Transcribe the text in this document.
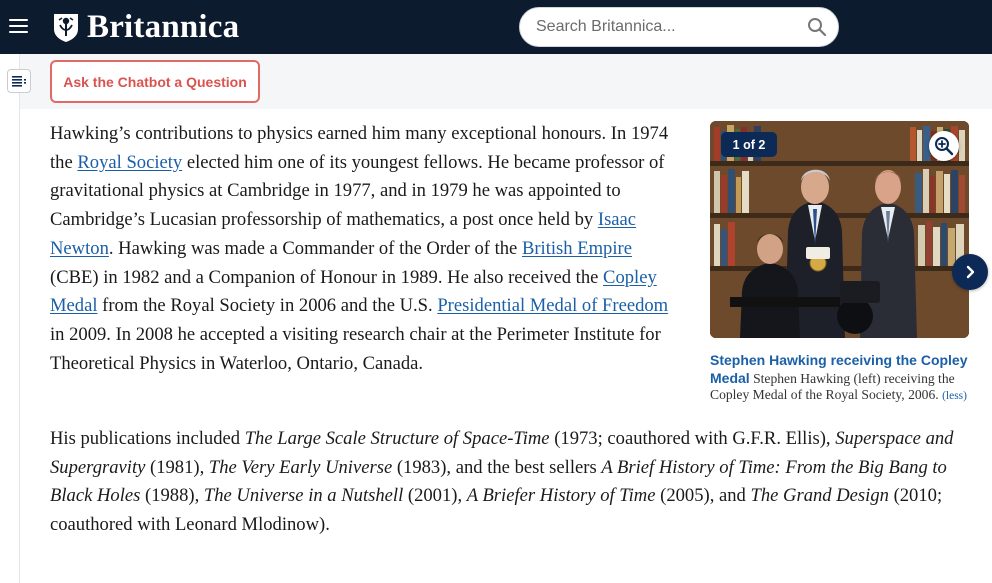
Britannica
Search Britannica...
Ask the Chatbot a Question

Hawking’s contributions to physics earned him many exceptional honours. In 1974 the Royal Society elected him one of its youngest fellows. He became professor of gravitational physics at Cambridge in 1977, and in 1979 he was appointed to Cambridge’s Lucasian professorship of mathematics, a post once held by Isaac Newton. Hawking was made a Commander of the Order of the British Empire (CBE) in 1982 and a Companion of Honour in 1989. He also received the Copley Medal from the Royal Society in 2006 and the U.S. Presidential Medal of Freedom in 2009. In 2008 he accepted a visiting research chair at the Perimeter Institute for Theoretical Physics in Waterloo, Ontario, Canada.

His publications included The Large Scale Structure of Space-Time (1973; coauthored with G.F.R. Ellis), Superspace and Supergravity (1981), The Very Early Universe (1983), and the best sellers A Brief History of Time: From the Big Bang to Black Holes (1988), The Universe in a Nutshell (2001), A Briefer History of Time (2005), and The Grand Design (2010; coauthored with Leonard Mlodinow).

1 of 2
Stephen Hawking receiving the Copley Medal Stephen Hawking (left) receiving the Copley Medal of the Royal Society, 2006. (less)
